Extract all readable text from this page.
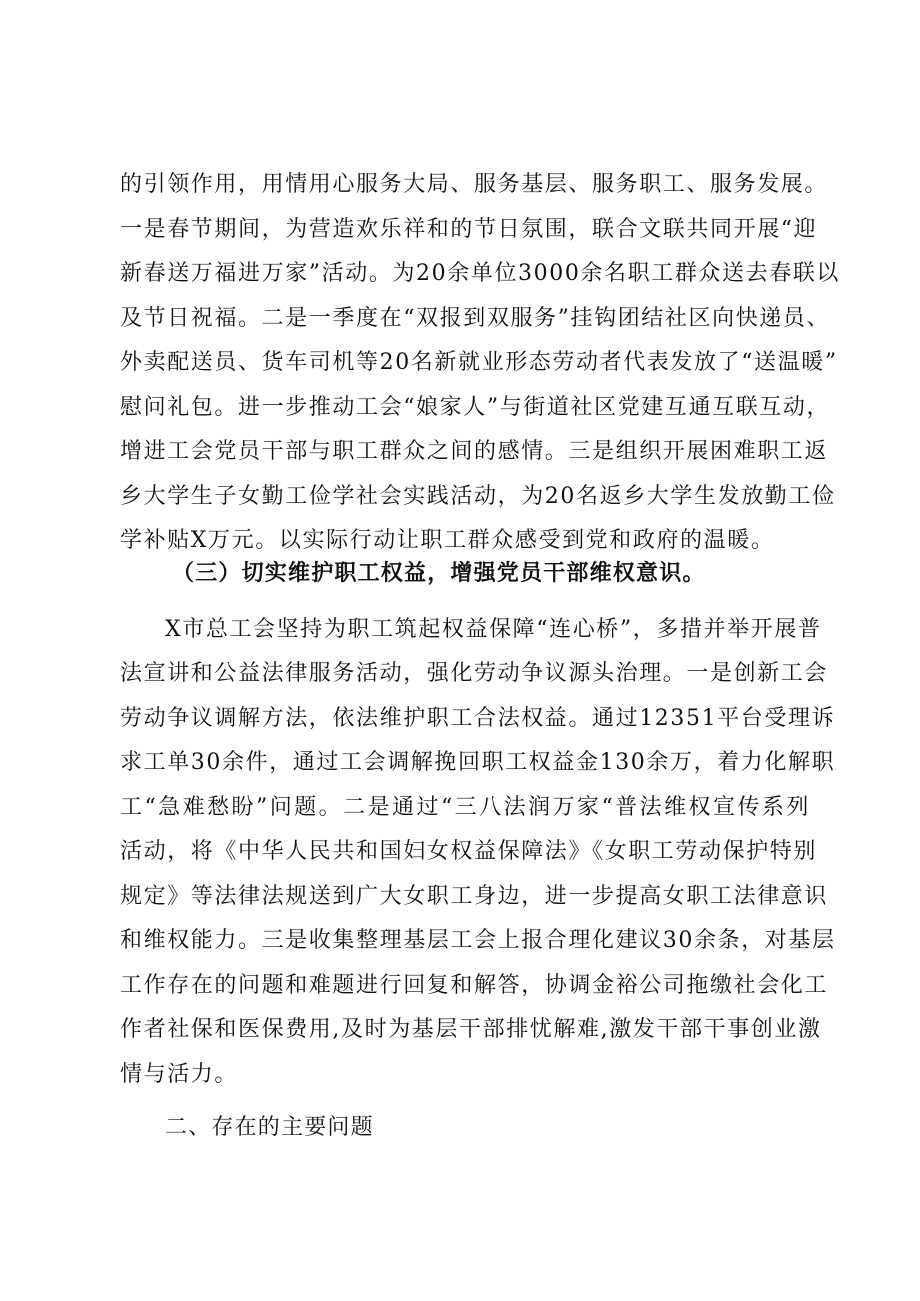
的引领作用，用情用心服务大局、服务基层、服务职工、服务发展。
一是春节期间，为营造欢乐祥和的节日氛围，联合文联共同开展“迎
新春送万福进万家”活动。为20余单位3000余名职工群众送去春联以
及节日祝福。二是一季度在“双报到双服务”挂钩团结社区向快递员、
外卖配送员、货车司机等20名新就业形态劳动者代表发放了“送温暖”
慰问礼包。进一步推动工会“娘家人”与街道社区党建互通互联互动，
增进工会党员干部与职工群众之间的感情。三是组织开展困难职工返
乡大学生子女勤工俭学社会实践活动，为20名返乡大学生发放勤工俭
学补贴X万元。以实际行动让职工群众感受到党和政府的温暖。
（三）切实维护职工权益，增强党员干部维权意识。
X市总工会坚持为职工筑起权益保障“连心桥”，多措并举开展普
法宣讲和公益法律服务活动，强化劳动争议源头治理。一是创新工会
劳动争议调解方法，依法维护职工合法权益。通过12351平台受理诉
求工单30余件，通过工会调解挽回职工权益金130余万，着力化解职
工“急难愁盼”问题。二是通过“三八法润万家“普法维权宣传系列
活动，将《中华人民共和国妇女权益保障法》《女职工劳动保护特别
规定》等法律法规送到广大女职工身边，进一步提高女职工法律意识
和维权能力。三是收集整理基层工会上报合理化建议30余条，对基层
工作存在的问题和难题进行回复和解答，协调金裕公司拖缴社会化工
作者社保和医保费用,及时为基层干部排忧解难,激发干部干事创业激
情与活力。
二、存在的主要问题
